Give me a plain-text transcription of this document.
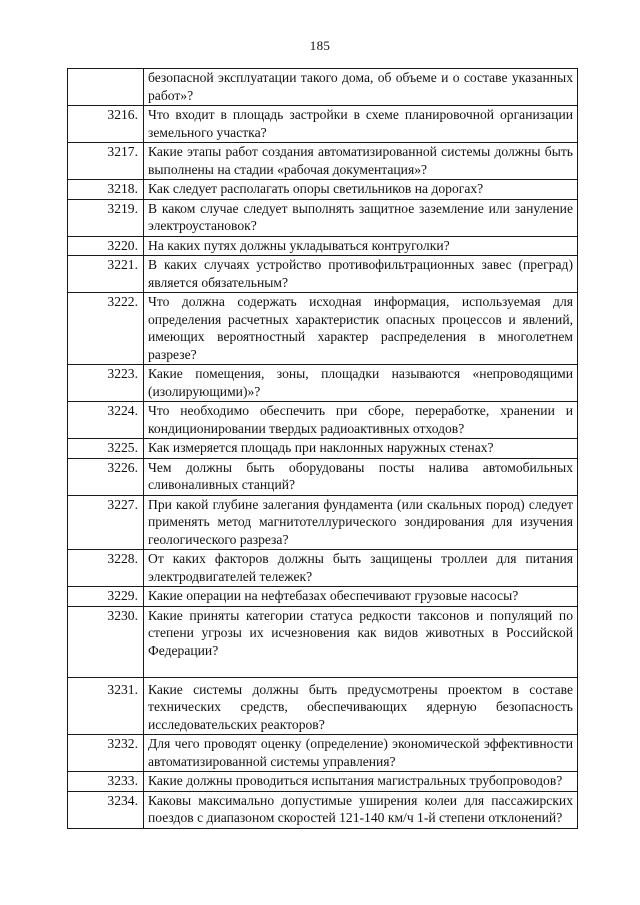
185
	безопасной эксплуатации такого дома, об объеме и о составе указанных работ»?
3216.	Что входит в площадь застройки в схеме планировочной организации земельного участка?
3217.	Какие этапы работ создания автоматизированной системы должны быть выполнены на стадии «рабочая документация»?
3218.	Как следует располагать опоры светильников на дорогах?
3219.	В каком случае следует выполнять защитное заземление или зануление электроустановок?
3220.	На каких путях должны укладываться контруголки?
3221.	В каких случаях устройство противофильтрационных завес (преград) является обязательным?
3222.	Что должна содержать исходная информация, используемая для определения расчетных характеристик опасных процессов и явлений, имеющих вероятностный характер распределения в многолетнем разрезе?
3223.	Какие помещения, зоны, площадки называются «непроводящими (изолирующими)»?
3224.	Что необходимо обеспечить при сборе, переработке, хранении и кондиционировании твердых радиоактивных отходов?
3225.	Как измеряется площадь при наклонных наружных стенах?
3226.	Чем должны быть оборудованы посты налива автомобильных сливоналивных станций?
3227.	При какой глубине залегания фундамента (или скальных пород) следует применять метод магнитотеллурического зондирования для изучения геологического разреза?
3228.	От каких факторов должны быть защищены троллеи для питания электродвигателей тележек?
3229.	Какие операции на нефтебазах обеспечивают грузовые насосы?
3230.	Какие приняты категории статуса редкости таксонов и популяций по степени угрозы их исчезновения как видов животных в Российской Федерации?
3231.	Какие системы должны быть предусмотрены проектом в составе технических средств, обеспечивающих ядерную безопасность исследовательских реакторов?
3232.	Для чего проводят оценку (определение) экономической эффективности автоматизированной системы управления?
3233.	Какие должны проводиться испытания магистральных трубопроводов?
3234.	Каковы максимально допустимые уширения колеи для пассажирских поездов с диапазоном скоростей 121-140 км/ч 1-й степени отклонений?
